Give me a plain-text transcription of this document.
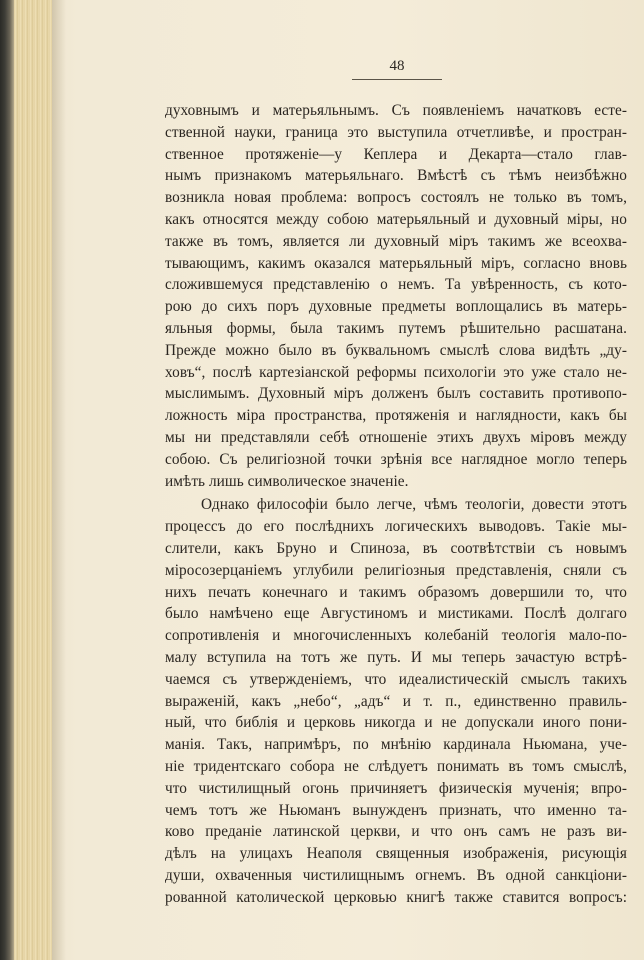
48
духовнымъ и матерьяльнымъ. Съ появленіемъ начатковъ есте-
ственной науки, граница это выступила отчетливѣе, и простран-
ственное протяженіе—у Кеплера и Декарта—стало глав-
нымъ признакомъ матерьяльнаго. Вмѣстѣ съ тѣмъ неизбѣжно
возникла новая проблема: вопросъ состоялъ не только въ томъ,
какъ относятся между собою матерьяльный и духовный міры, но
также въ томъ, является ли духовный міръ такимъ же всеохва-
тывающимъ, какимъ оказался матерьяльный міръ, согласно вновь
сложившемуся представленію о немъ. Та увѣренность, съ кото-
рою до сихъ поръ духовные предметы воплощались въ матерь-
яльныя формы, была такимъ путемъ рѣшительно расшатана.
Прежде можно было въ буквальномъ смыслѣ слова видѣть „ду-
ховъ“, послѣ картезіанской реформы психологіи это уже стало не-
мыслимымъ. Духовный міръ долженъ былъ составить противопо-
ложность міра пространства, протяженія и наглядности, какъ бы
мы ни представляли себѣ отношеніе этихъ двухъ міровъ между
собою. Съ религіозной точки зрѣнія все наглядное могло теперь
имѣть лишь символическое значеніе.
Однако философіи было легче, чѣмъ теологіи, довести этотъ
процессъ до его послѣднихъ логическихъ выводовъ. Такіе мы-
слители, какъ Бруно и Спиноза, въ соотвѣтствіи съ новымъ
міросозерцаніемъ углубили религіозныя представленія, сняли съ
нихъ печать конечнаго и такимъ образомъ довершили то, что
было намѣчено еще Августиномъ и мистиками. Послѣ долгаго
сопротивленія и многочисленныхъ колебаній теологія мало-по-
малу вступила на тотъ же путь. И мы теперь зачастую встрѣ-
чаемся съ утвержденіемъ, что идеалистическій смыслъ такихъ
выраженій, какъ „небо“, „адъ“ и т. п., единственно правиль-
ный, что библія и церковь никогда и не допускали иного пони-
манія. Такъ, напримѣръ, по мнѣнію кардинала Ньюмана, уче-
ніе тридентскаго собора не слѣдуетъ понимать въ томъ смыслѣ,
что чистилищный огонь причиняетъ физическія мученія; впро-
чемъ тотъ же Ньюманъ вынужденъ признать, что именно та-
ково преданіе латинской церкви, и что онъ самъ не разъ ви-
дѣлъ на улицахъ Неаполя священныя изображенія, рисующія
души, охваченныя чистилищнымъ огнемъ. Въ одной санкціони-
рованной католической церковью книгѣ также ставится вопросъ:
